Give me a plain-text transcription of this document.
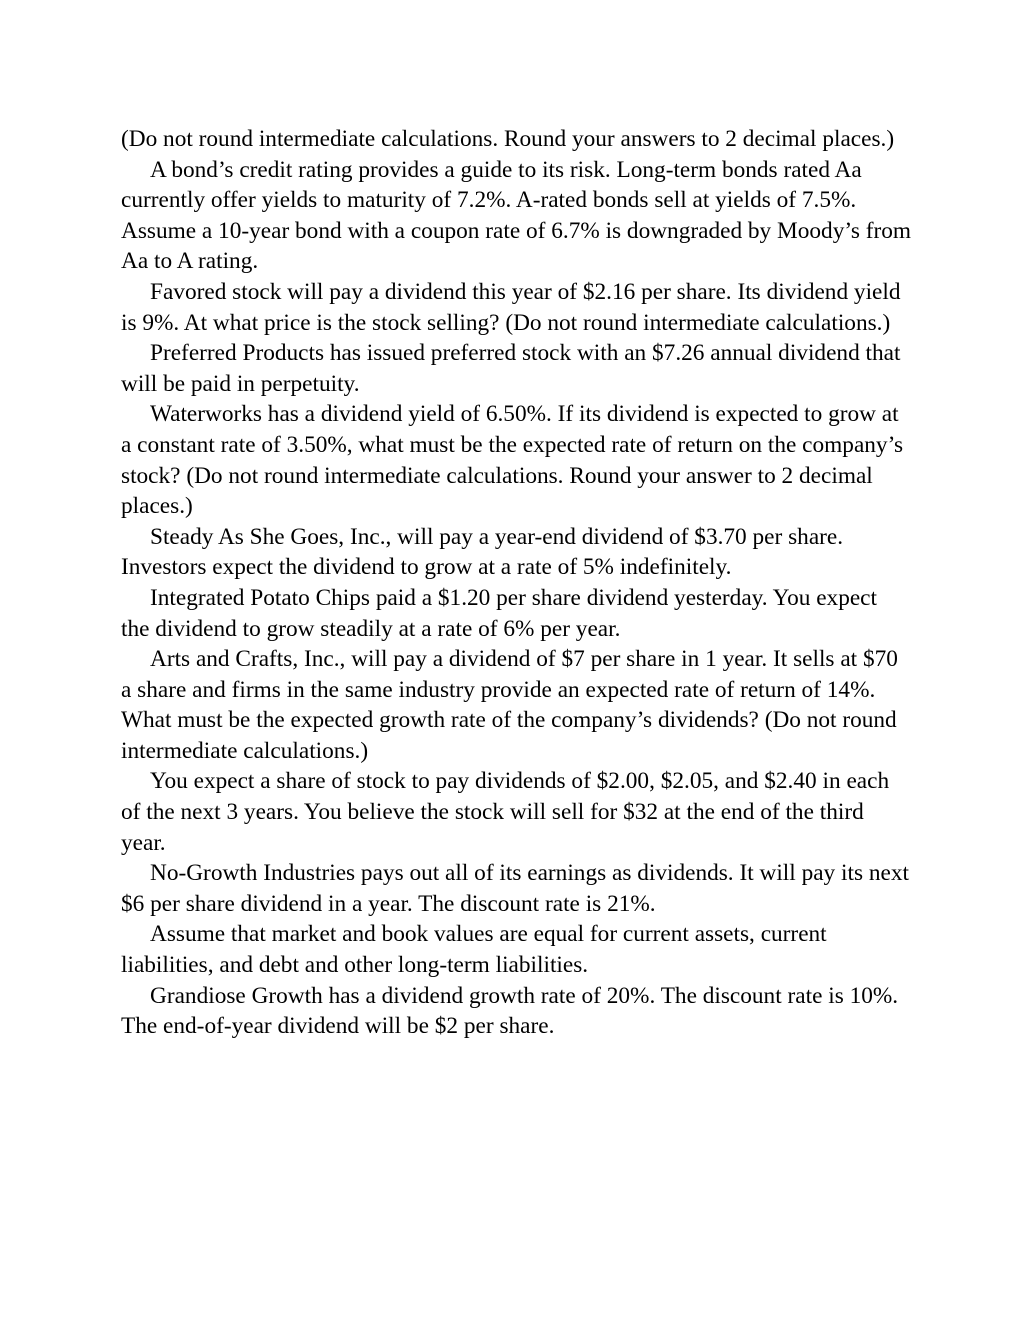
(Do not round intermediate calculations. Round your answers to 2 decimal places.)

A bond’s credit rating provides a guide to its risk. Long-term bonds rated Aa currently offer yields to maturity of 7.2%. A-rated bonds sell at yields of 7.5%. Assume a 10-year bond with a coupon rate of 6.7% is downgraded by Moody’s from Aa to A rating.

Favored stock will pay a dividend this year of $2.16 per share. Its dividend yield is 9%. At what price is the stock selling? (Do not round intermediate calculations.)

Preferred Products has issued preferred stock with an $7.26 annual dividend that will be paid in perpetuity.

Waterworks has a dividend yield of 6.50%. If its dividend is expected to grow at a constant rate of 3.50%, what must be the expected rate of return on the company’s stock? (Do not round intermediate calculations. Round your answer to 2 decimal places.)

Steady As She Goes, Inc., will pay a year-end dividend of $3.70 per share. Investors expect the dividend to grow at a rate of 5% indefinitely.

Integrated Potato Chips paid a $1.20 per share dividend yesterday. You expect the dividend to grow steadily at a rate of 6% per year.

Arts and Crafts, Inc., will pay a dividend of $7 per share in 1 year. It sells at $70 a share and firms in the same industry provide an expected rate of return of 14%. What must be the expected growth rate of the company’s dividends? (Do not round intermediate calculations.)

You expect a share of stock to pay dividends of $2.00, $2.05, and $2.40 in each of the next 3 years. You believe the stock will sell for $32 at the end of the third year.

No-Growth Industries pays out all of its earnings as dividends. It will pay its next $6 per share dividend in a year. The discount rate is 21%.

Assume that market and book values are equal for current assets, current liabilities, and debt and other long-term liabilities.

Grandiose Growth has a dividend growth rate of 20%. The discount rate is 10%. The end-of-year dividend will be $2 per share.
